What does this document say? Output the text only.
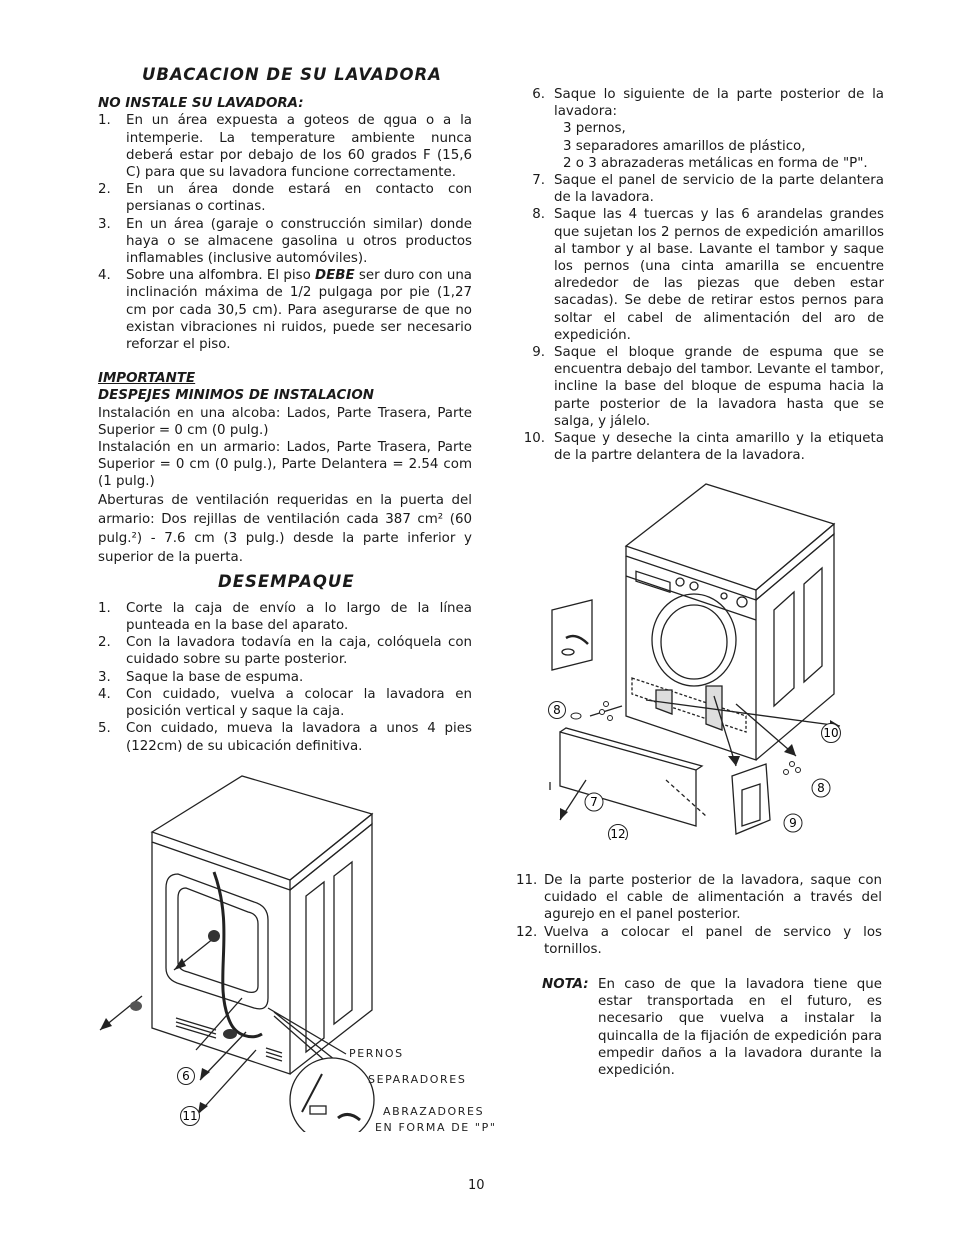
UBACACION DE SU LAVADORA
NO INSTALE SU LAVADORA:
1.	En un área expuesta a goteos de qgua o a la intemperie. La temperature ambiente nunca deberá estar por debajo de los 60 grados F (15,6 C) para que su lavadora funcione correctamente.
2.	En un área donde estará en contacto con persianas o cortinas.
3.	En un área (garaje o construcción similar) donde haya o se almacene gasolina u otros productos inflamables (inclusive automóviles).
4.	Sobre una alfombra. El piso DEBE ser duro con una inclinación máxima de 1/2 pulgaga por pie (1,27 cm por cada 30,5 cm). Para asegurarse de que no existan vibraciones ni ruidos, puede ser necesario reforzar el piso.
IMPORTANTE
DESPEJES MINIMOS DE INSTALACION
Instalación en una alcoba: Lados, Parte Trasera, Parte Superior = 0 cm (0 pulg.)
Instalación en un armario: Lados, Parte Trasera, Parte Superior = 0 cm (0 pulg.), Parte Delantera = 2.54 com (1 pulg.)
Aberturas de ventilación requeridas en la puerta del armario: Dos rejillas de ventilación cada 387 cm² (60 pulg.²) - 7.6 cm (3 pulg.) desde la parte inferior y superior de la puerta.
DESEMPAQUE
1.	Corte la caja de envío a lo largo de la línea punteada en la base del aparato.
2.	Con la lavadora todavía en la caja, colóquela con cuidado sobre su parte posterior.
3.	Saque la base de espuma.
4.	Con cuidado, vuelva a colocar la lavadora en posición vertical y saque la caja.
5.	Con cuidado, mueva la lavadora a unos 4 pies (122cm) de su ubicación definitiva.
6. Saque lo siguiente de la parte posterior de la lavadora:
3 pernos,
3 separadores amarillos de plástico,
2 o 3 abrazaderas metálicas en forma de "P".
7. Saque el panel de servicio de la parte delantera de la lavadora.
8. Saque las 4 tuercas y las 6 arandelas grandes que sujetan los 2 pernos de expedición amarillos al tambor y al base. Lavante el tambor y saque los pernos (una cinta amarilla se encuentre alrededor de las piezas que deben estar sacadas). Se debe de retirar estos pernos para soltar el cabel de alimentación del aro de expedición.
9. Saque el bloque grande de espuma que se encuentra debajo del tambor. Levante el tambor, incline la base del bloque de espuma hacia la parte posterior de la lavadora hasta que se salga, y jálelo.
10. Saque y deseche la cinta amarillo y la etiqueta de la partre delantera de la lavadora.
11. De la parte posterior de la lavadora, saque con cuidado el cable de alimentación a través del agurejo en el panel posterior.
12. Vuelva a colocar el panel de servico y los tornillos.
NOTA: En caso de que la lavadora tiene que estar transportada en el futuro, es necesario que vuelva a instalar la quincalla de la fijación de expedición para empedir daños a la lavadora durante la expedición.
8
10
8
7
12
9
6
11
PERNOS
SEPARADORES
ABRAZADORES
EN FORMA DE "P"
10
